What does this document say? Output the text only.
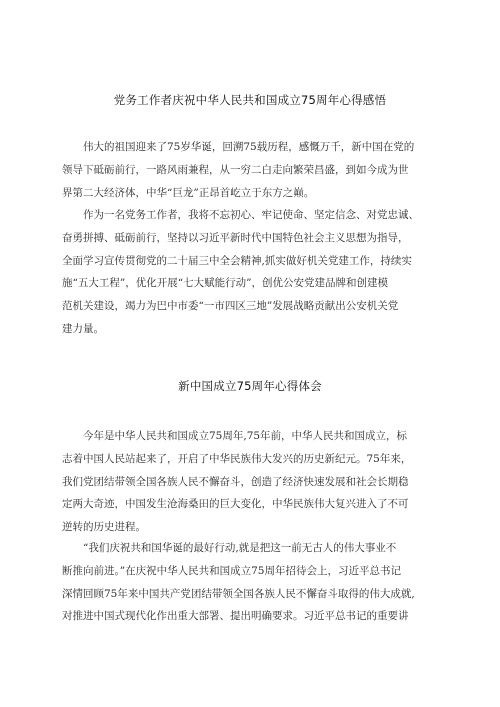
党务工作者庆祝中华人民共和国成立75周年心得感悟
伟大的祖国迎来了75岁华诞，回溯75载历程，感慨万千，新中国在党的
领导下砥砺前行，一路风雨兼程，从一穷二白走向繁荣昌盛，到如今成为世
界第二大经济体，中华“巨龙”正昂首屹立于东方之巅。
作为一名党务工作者，我将不忘初心、牢记使命、坚定信念、对党忠诚、
奋勇拼搏、砥砺前行，坚持以习近平新时代中国特色社会主义思想为指导，
全面学习宣传贯彻党的二十届三中全会精神,抓实做好机关党建工作，持续实
施“五大工程”，优化开展“七大赋能行动”，创优公安党建品牌和创建模
范机关建设，竭力为巴中市委“一市四区三地”发展战略贡献出公安机关党
建力量。
新中国成立75周年心得体会
今年是中华人民共和国成立75周年,75年前，中华人民共和国成立，标
志着中国人民站起来了，开启了中华民族伟大发兴的历史新纪元。75年来，
我们党团结带领全国各族人民不懈奋斗，创造了经济快速发展和社会长期稳
定两大奇迹，中国发生沧海桑田的巨大变化，中华民族伟大复兴进入了不可
逆转的历史进程。
“我们庆祝共和国华诞的最好行动,就是把这一前无古人的伟大事业不
断推向前进。”在庆祝中华人民共和国成立75周年招待会上，习近平总书记
深情回顾75年来中国共产党团结带领全国各族人民不懈奋斗取得的伟大成就,
对推进中国式现代化作出重大部署、提出明确要求。习近平总书记的重要讲
